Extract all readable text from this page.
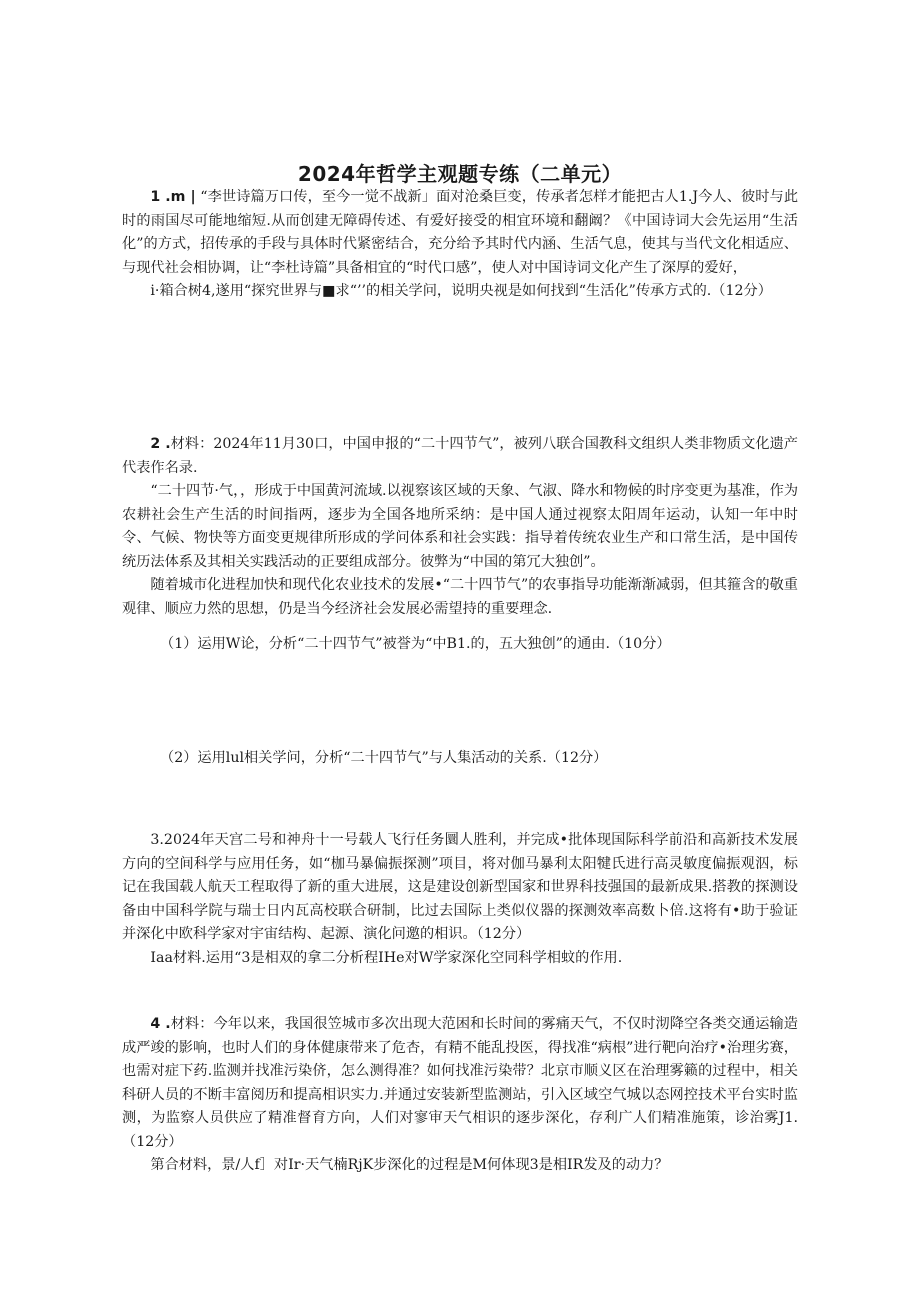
2024年哲学主观题专练（二单元）

1 .m | “李世诗篇万口传，至今一觉不战新」面对沧桑巨变，传承者怎样才能把古人1.J今人、彼时与此时的雨国尽可能地缩短.从而创建无障碍传述、有爱好接受的相宜环境和翻阚？《中国诗词大会先运用“生活化”的方式，招传承的手段与具体时代紧密结合，充分给予其时代内涵、生活气息，使其与当代文化相适应、与现代社会相协调，让“李杜诗篇”具备相宜的“时代口感”，使人对中国诗词文化产生了深厚的爱好，

i·箱合树4,遂用“探究世界与■求“’’的相关学问，说明央视是如何找到“生活化”传承方式的.（12分）

2 .材料：2024年11月30口，中国申报的“二十四节气”，被列八联合国教科文组织人类非物质文化遗产代表作名录.

“二十四节·气，，形成于中国黄河流域.以视察该区域的天象、气淑、降水和物候的时序变更为基准，作为农耕社会生产生活的时间指两，逐步为全国各地所采纳：是中国人通过视察太阳周年运动，认知一年中时令、气候、物快等方面变更规律所形成的学问体系和社会实践：指导着传统农业生产和口常生活，是中国传统历法体系及其相关实践活动的正要组成部分。彼弊为“中国的第冗大独创”。

随着城市化进程加快和现代化农业技术的发展•“二十四节气”的农事指导功能渐渐减弱，但其箍含的敬重观律、顺应力然的思想，仍是当今经济社会发展必需望持的重要理念.

（1）运用W论，分析“二十四节气”被誉为“中B1.的，五大独创”的通由.（10分）

（2）运用lul相关学问，分析“二十四节气”与人集活动的关系.（12分）

3.2024年天宫二号和神舟十一号载人飞行任务圜人胜利，并完成•批体现国际科学前沿和高新技术发展方向的空间科学与应用任务，如“枷马暴偏振探测”项目，将对伽马暴利太阳犍氏进行高灵敏度偏振观泅，标记在我国载人航天工程取得了新的重大进展，这是建设创新型国家和世界科技强国的最新成果.搭教的探测设备由中国科学院与瑞士日内瓦高校联合研制，比过去国际上类似仪器的探测效率高数卜倍.这将有•助于验证并深化中欧科学家对宇宙结构、起源、演化问邀的相识。（12分）

Iaa材料.运用“3是相双的拿二分析程IHe对W学家深化空同科学相蚊的作用.

4 .材料：今年以来，我国很笠城市多次出现大范困和长时间的雾痛天气，不仅时沏降空各类交通运输造成严竣的影响，也时人们的身体健康带来了危杏，有精不能乱投医，得找准“病根”进行靶向治疗•治理劣赛，也需对症下药.监测并找准污染侪，怎么测得准？如何找准污染带？北京市顺义区在治理雾籁的过程中，相关科研人员的不断丰富阅历和提高相识实力.并通过安装新型监测站，引入区域空气城以态网控技术平台实时监测，为监察人员供应了精准督育方向，人们对寥审天气相识的逐步深化，存利广人们精准施策，诊治雾J1.（12分）

第合材料，景/人f］对Ir·天气楠RjK步深化的过程是M何体现3是相IR发及的动力？
